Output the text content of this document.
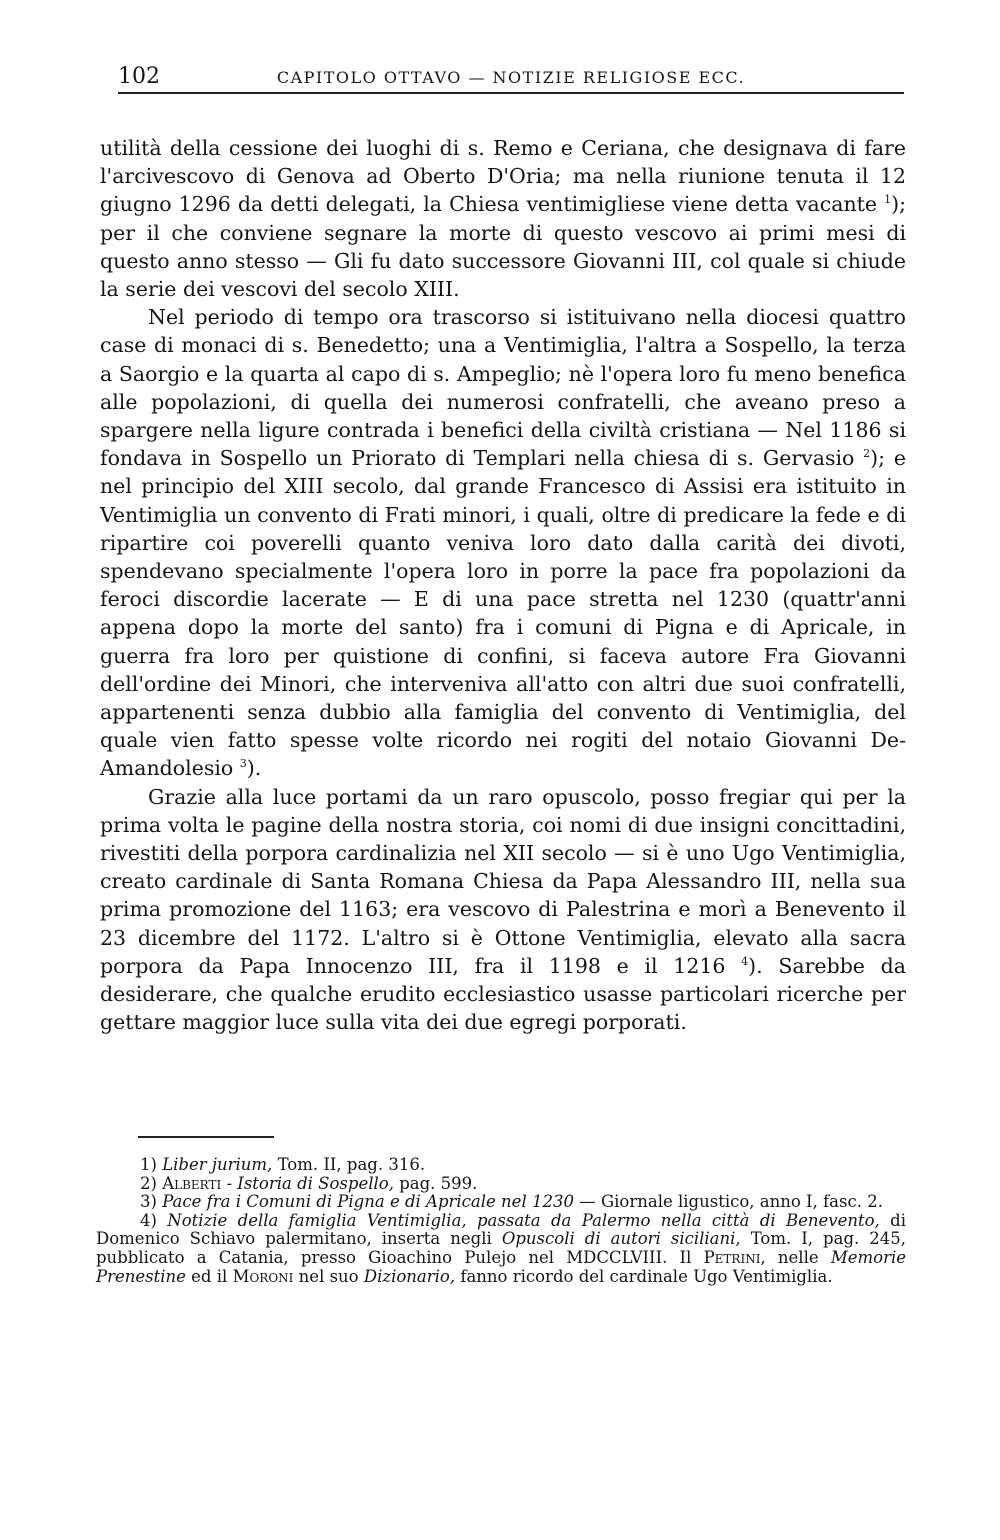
102	CAPITOLO OTTAVO — NOTIZIE RELIGIOSE ECC.

utilità della cessione dei luoghi di s. Remo e Ceriana, che designava di fare l'arcivescovo di Genova ad Oberto D'Oria; ma nella riunione tenuta il 12 giugno 1296 da detti delegati, la Chiesa ventimigliese viene detta vacante $^1$); per il che conviene segnare la morte di questo vescovo ai primi mesi di questo anno stesso — Gli fu dato successore Giovanni III, col quale si chiude la serie dei vescovi del secolo XIII.

Nel periodo di tempo ora trascorso si istituivano nella diocesi quattro case di monaci di s. Benedetto; una a Ventimiglia, l'altra a Sospello, la terza a Saorgio e la quarta al capo di s. Ampeglio; nè l'opera loro fu meno benefica alle popolazioni, di quella dei numerosi confratelli, che aveano preso a spargere nella ligure contrada i benefici della civiltà cristiana — Nel 1186 si fondava in Sospello un Priorato di Templari nella chiesa di s. Gervasio $^2$); e nel principio del XIII secolo, dal grande Francesco di Assisi era istituito in Ventimiglia un convento di Frati minori, i quali, oltre di predicare la fede e di ripartire coi poverelli quanto veniva loro dato dalla carità dei divoti, spendevano specialmente l'opera loro in porre la pace fra popolazioni da feroci discordie lacerate — E di una pace stretta nel 1230 (quattr'anni appena dopo la morte del santo) fra i comuni di Pigna e di Apricale, in guerra fra loro per quistione di confini, si faceva autore Fra Giovanni dell'ordine dei Minori, che interveniva all'atto con altri due suoi confratelli, appartenenti senza dubbio alla famiglia del convento di Ventimiglia, del quale vien fatto spesse volte ricordo nei rogiti del notaio Giovanni De-Amandolesio $^3$).

Grazie alla luce portami da un raro opuscolo, posso fregiar qui per la prima volta le pagine della nostra storia, coi nomi di due insigni concittadini, rivestiti della porpora cardinalizia nel XII secolo — si è uno Ugo Ventimiglia, creato cardinale di Santa Romana Chiesa da Papa Alessandro III, nella sua prima promozione del 1163; era vescovo di Palestrina e morì a Benevento il 23 dicembre del 1172. L'altro si è Ottone Ventimiglia, elevato alla sacra porpora da Papa Innocenzo III, fra il 1198 e il 1216 $^4$). Sarebbe da desiderare, che qualche erudito ecclesiastico usasse particolari ricerche per gettare maggior luce sulla vita dei due egregi porporati.

1) Liber jurium, Tom. II, pag. 316.

2) Alberti - Istoria di Sospello, pag. 599.

3) Pace fra i Comuni di Pigna e di Apricale nel 1230 — Giornale ligustico, anno I, fasc. 2.

4) Notizie della famiglia Ventimiglia, passata da Palermo nella città di Benevento, di Domenico Schiavo palermitano, inserta negli Opuscoli di autori siciliani, Tom. I, pag. 245, pubblicato a Catania, presso Gioachino Pulejo nel MDCCLVIII. Il Petrini, nelle Memorie Prenestine ed il Moroni nel suo Dizionario, fanno ricordo del cardinale Ugo Ventimiglia.
